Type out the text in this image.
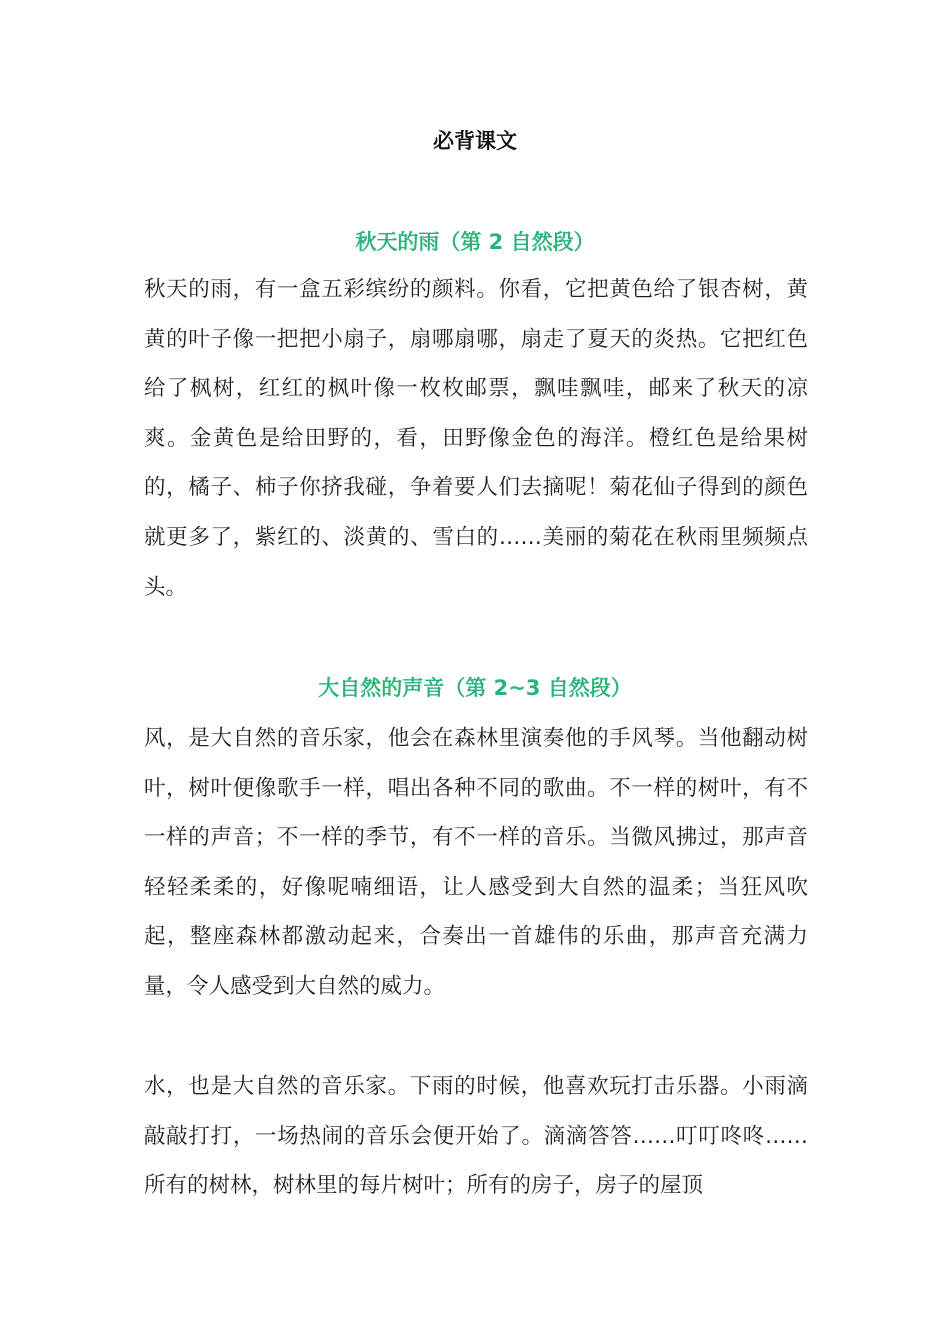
必背课文
秋天的雨（第 2 自然段）

秋天的雨，有一盒五彩缤纷的颜料。你看，它把黄色给了银杏树，黄黄的叶子像一把把小扇子，扇哪扇哪，扇走了夏天的炎热。它把红色给了枫树，红红的枫叶像一枚枚邮票，飘哇飘哇，邮来了秋天的凉爽。金黄色是给田野的，看，田野像金色的海洋。橙红色是给果树的，橘子、柿子你挤我碰，争着要人们去摘呢！菊花仙子得到的颜色就更多了，紫红的、淡黄的、雪白的……美丽的菊花在秋雨里频频点头。

大自然的声音（第 2~3 自然段）

风，是大自然的音乐家，他会在森林里演奏他的手风琴。当他翻动树叶，树叶便像歌手一样，唱出各种不同的歌曲。不一样的树叶，有不一样的声音；不一样的季节，有不一样的音乐。当微风拂过，那声音轻轻柔柔的，好像呢喃细语，让人感受到大自然的温柔；当狂风吹起，整座森林都激动起来，合奏出一首雄伟的乐曲，那声音充满力量，令人感受到大自然的威力。

水，也是大自然的音乐家。下雨的时候，他喜欢玩打击乐器。小雨滴敲敲打打，一场热闹的音乐会便开始了。滴滴答答……叮叮咚咚……所有的树林，树林里的每片树叶；所有的房子，房子的屋顶
